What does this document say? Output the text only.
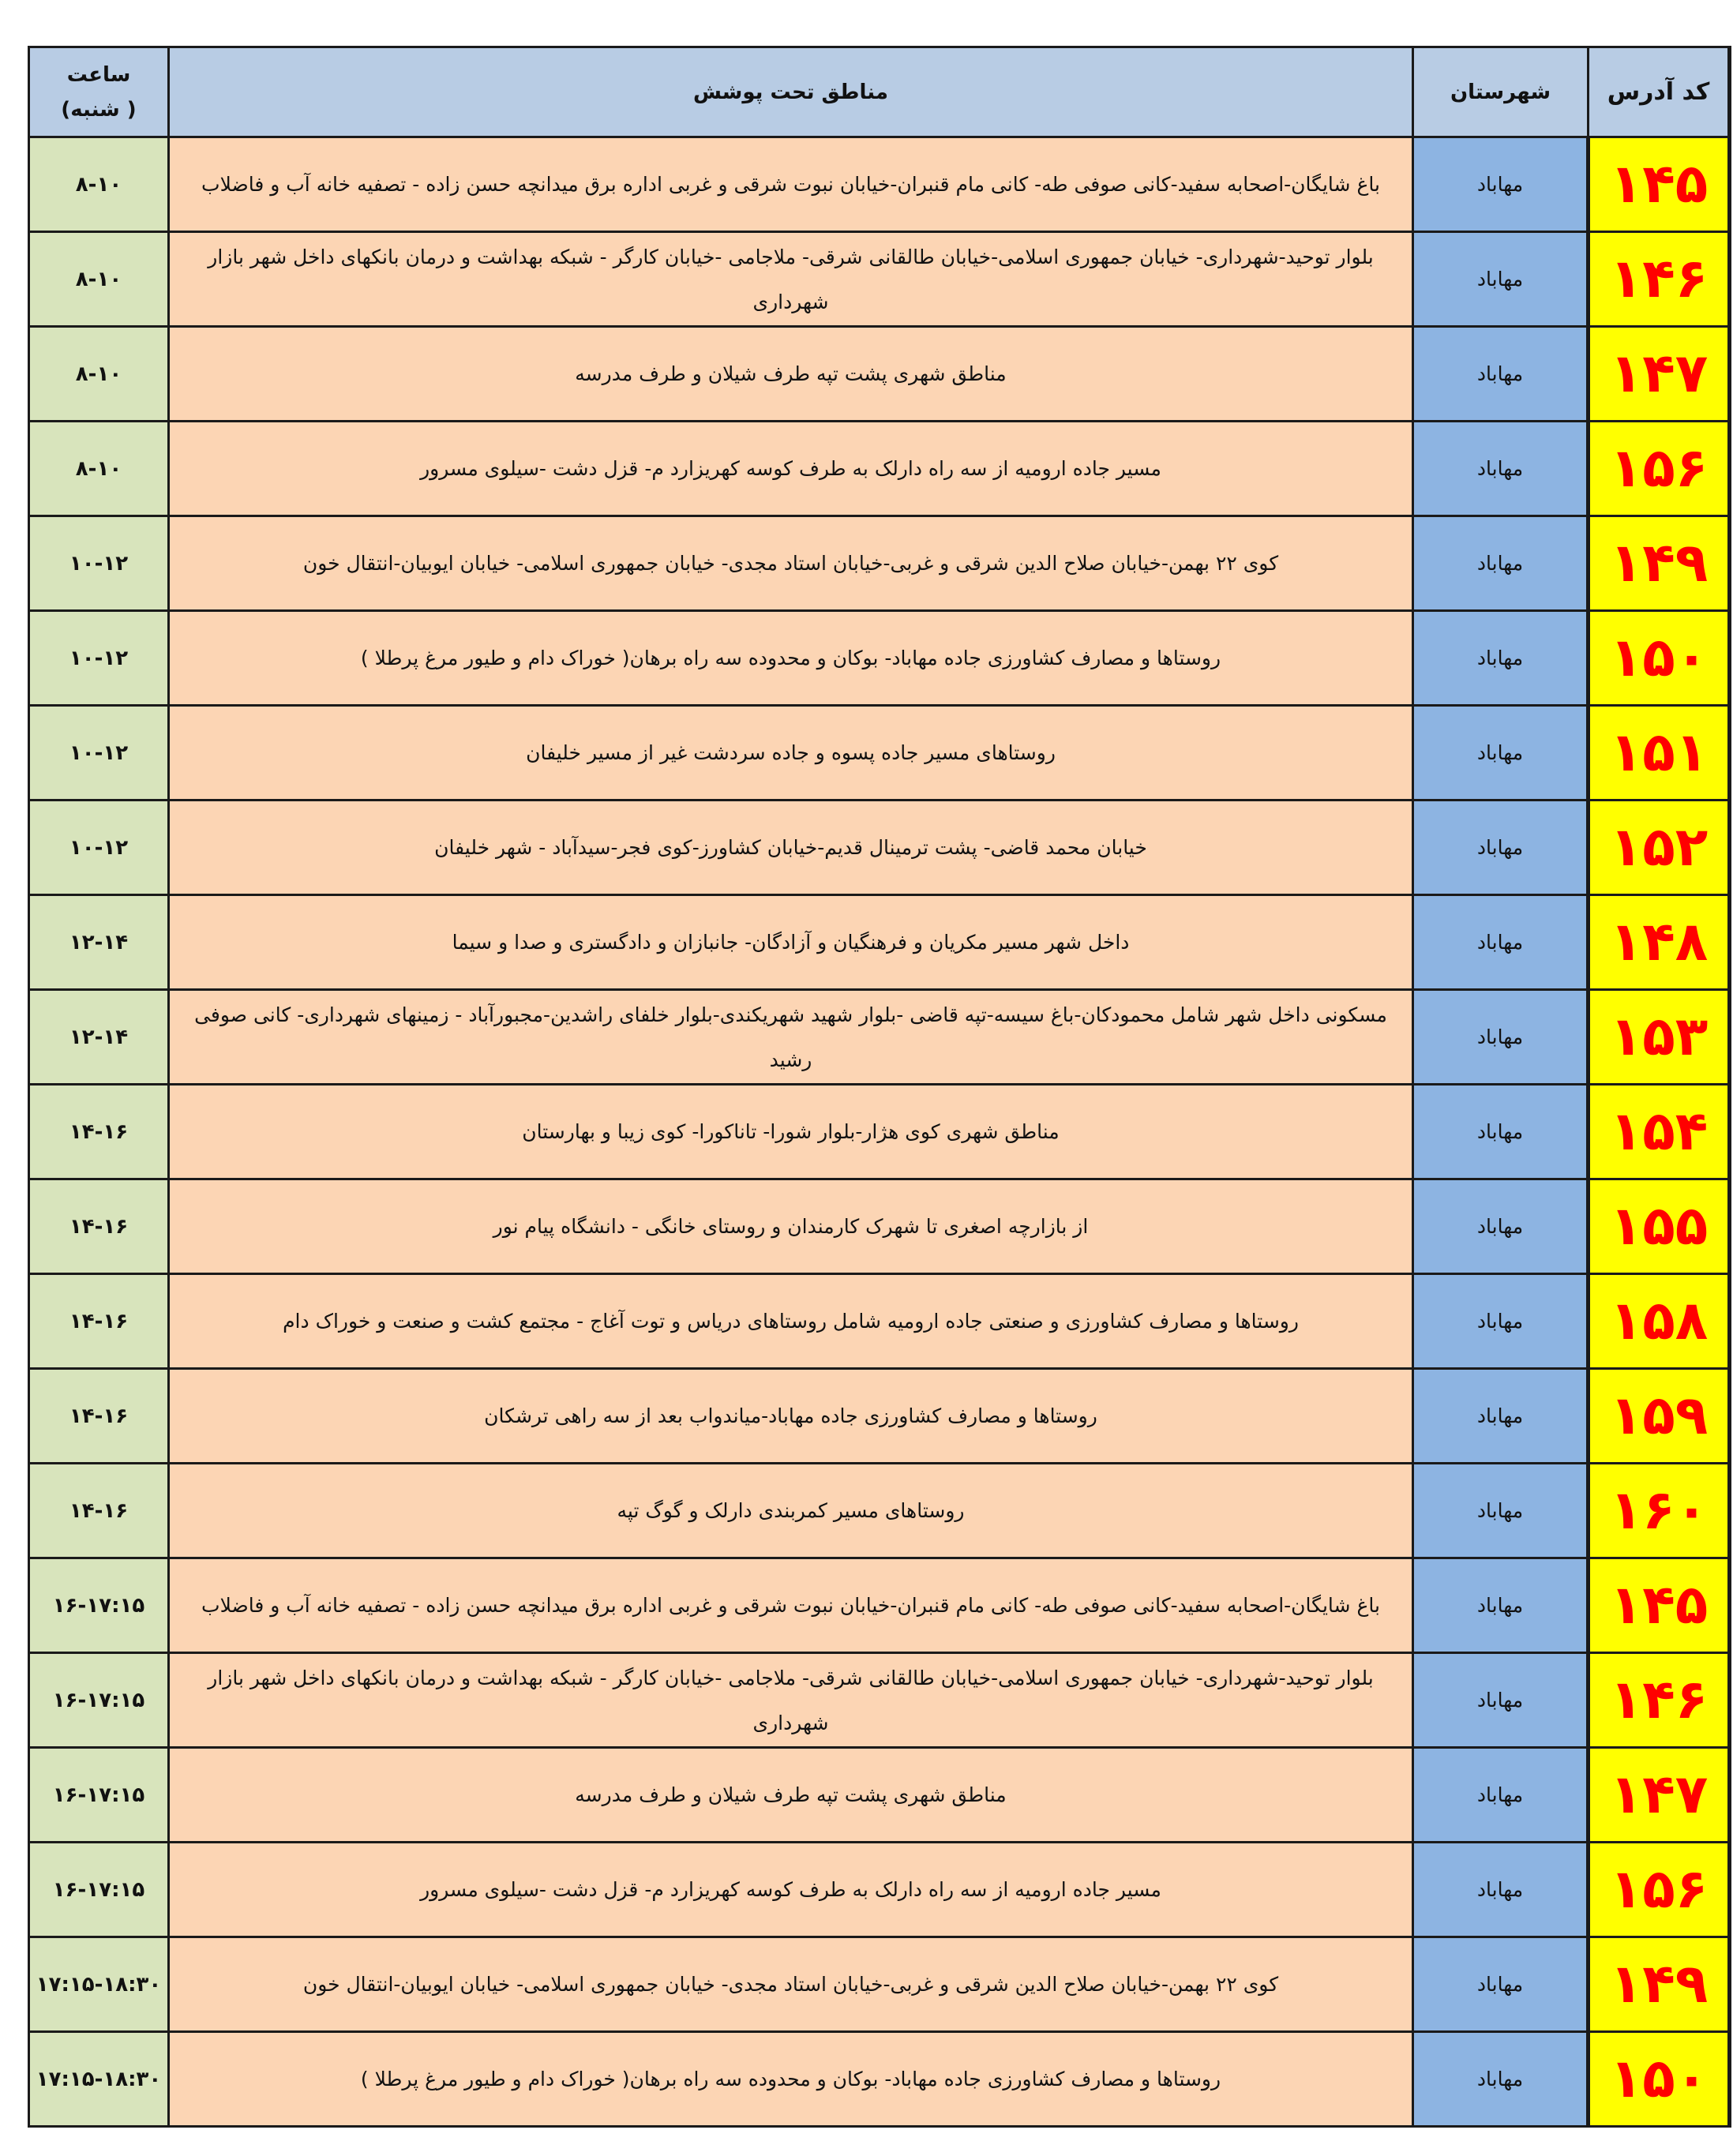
ساعت
(شنبه )	مناطق تحت پوشش	شهرستان	کد آدرس
۸-۱۰	باغ شایگان-اصحابه سفید-کانی صوفی طه- کانی مام قنبران-خیابان نبوت شرقی و غربی اداره برق میدانچه حسن زاده - تصفیه خانه آب و فاضلاب	مهاباد	۱۴۵
۸-۱۰	بلوار توحید-شهرداری- خیابان جمهوری اسلامی-خیابان طالقانی شرقی- ملاجامی -خیابان کارگر - شبکه بهداشت و درمان بانکهای داخل شهر بازار شهرداری	مهاباد	۱۴۶
۸-۱۰	مناطق شهری پشت تپه طرف شیلان و طرف مدرسه	مهاباد	۱۴۷
۸-۱۰	مسیر جاده ارومیه از سه راه دارلک به طرف کوسه کهریزارد م- قزل دشت -سیلوی مسرور	مهاباد	۱۵۶
۱۰-۱۲	کوی ۲۲ بهمن-خیابان صلاح الدین شرقی و غربی-خیابان استاد مجدی- خیابان جمهوری اسلامی- خیابان ایوبیان-انتقال خون	مهاباد	۱۴۹
۱۰-۱۲	روستاها و مصارف کشاورزی جاده مهاباد- بوکان و محدوده سه راه برهان( خوراک دام و طیور مرغ پرطلا )	مهاباد	۱۵۰
۱۰-۱۲	روستاهای مسیر جاده پسوه و جاده سردشت غیر از مسیر خلیفان	مهاباد	۱۵۱
۱۰-۱۲	خیابان محمد قاضی- پشت ترمینال قدیم-خیابان کشاورز-کوی فجر-سیدآباد - شهر خلیفان	مهاباد	۱۵۲
۱۲-۱۴	داخل شهر مسیر مکریان و فرهنگیان و آزادگان- جانبازان و دادگستری و صدا و سیما	مهاباد	۱۴۸
۱۲-۱۴	مسکونی داخل شهر شامل محمودکان-باغ سیسه-تپه قاضی -بلوار شهید شهریکندی-بلوار خلفای راشدین-مجبورآباد - زمینهای شهرداری- کانی صوفی رشید	مهاباد	۱۵۳
۱۴-۱۶	مناطق شهری کوی هژار-بلوار شورا- تاناکورا- کوی زیبا و بهارستان	مهاباد	۱۵۴
۱۴-۱۶	از بازارچه اصغری تا شهرک کارمندان و روستای خانگی - دانشگاه پیام نور	مهاباد	۱۵۵
۱۴-۱۶	روستاها و مصارف کشاورزی و صنعتی جاده ارومیه شامل روستاهای دریاس و توت آغاج - مجتمع کشت و صنعت و خوراک دام	مهاباد	۱۵۸
۱۴-۱۶	روستاها و مصارف کشاورزی جاده مهاباد-میاندواب بعد از سه راهی ترشکان	مهاباد	۱۵۹
۱۴-۱۶	روستاهای مسیر کمربندی دارلک و گوگ تپه	مهاباد	۱۶۰
۱۶-۱۷:۱۵	باغ شایگان-اصحابه سفید-کانی صوفی طه- کانی مام قنبران-خیابان نبوت شرقی و غربی اداره برق میدانچه حسن زاده - تصفیه خانه آب و فاضلاب	مهاباد	۱۴۵
۱۶-۱۷:۱۵	بلوار توحید-شهرداری- خیابان جمهوری اسلامی-خیابان طالقانی شرقی- ملاجامی -خیابان کارگر - شبکه بهداشت و درمان بانکهای داخل شهر بازار شهرداری	مهاباد	۱۴۶
۱۶-۱۷:۱۵	مناطق شهری پشت تپه طرف شیلان و طرف مدرسه	مهاباد	۱۴۷
۱۶-۱۷:۱۵	مسیر جاده ارومیه از سه راه دارلک به طرف کوسه کهریزارد م- قزل دشت -سیلوی مسرور	مهاباد	۱۵۶
۱۷:۱۵-۱۸:۳۰	کوی ۲۲ بهمن-خیابان صلاح الدین شرقی و غربی-خیابان استاد مجدی- خیابان جمهوری اسلامی- خیابان ایوبیان-انتقال خون	مهاباد	۱۴۹
۱۷:۱۵-۱۸:۳۰	روستاها و مصارف کشاورزی جاده مهاباد- بوکان و محدوده سه راه برهان( خوراک دام و طیور مرغ پرطلا )	مهاباد	۱۵۰
